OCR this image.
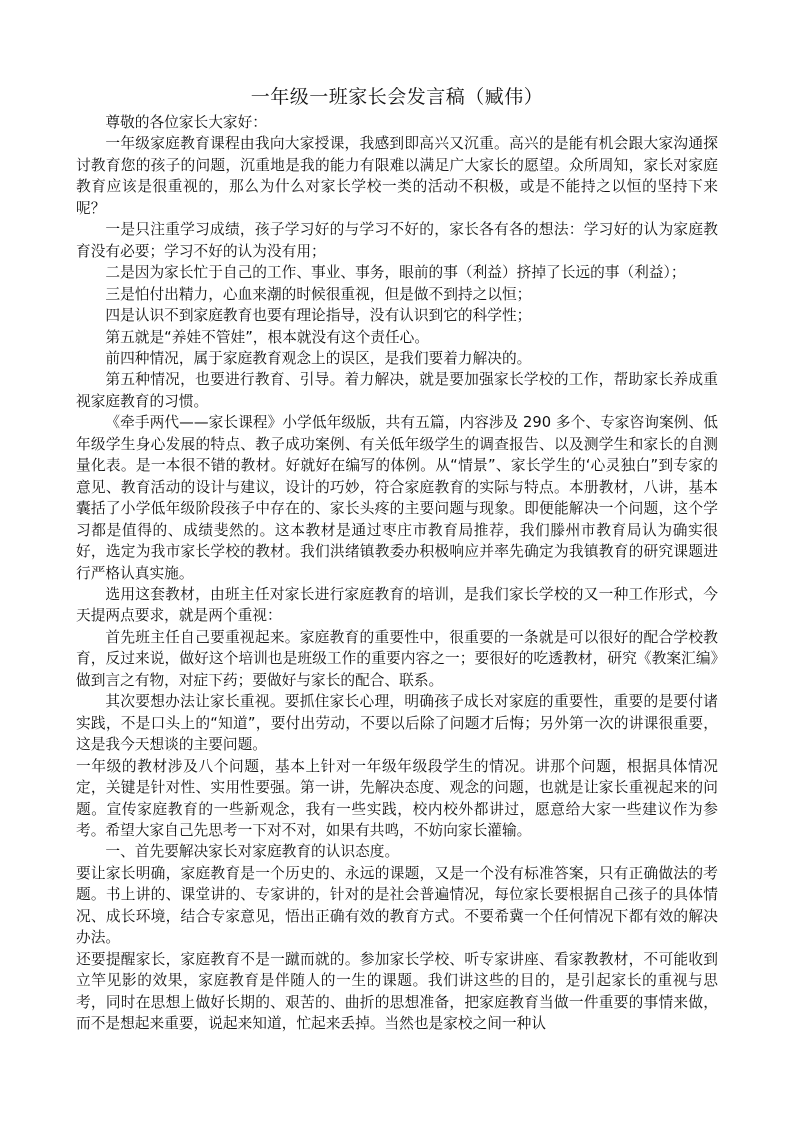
一年级一班家长会发言稿（臧伟）

尊敬的各位家长大家好：

一年级家庭教育课程由我向大家授课，我感到即高兴又沉重。高兴的是能有机会跟大家沟通探讨教育您的孩子的问题，沉重地是我的能力有限难以满足广大家长的愿望。众所周知，家长对家庭教育应该是很重视的，那么为什么对家长学校一类的活动不积极，或是不能持之以恒的坚持下来呢？

一是只注重学习成绩，孩子学习好的与学习不好的，家长各有各的想法：学习好的认为家庭教育没有必要；学习不好的认为没有用；

二是因为家长忙于自己的工作、事业、事务，眼前的事（利益）挤掉了长远的事（利益）；

三是怕付出精力，心血来潮的时候很重视，但是做不到持之以恒；

四是认识不到家庭教育也要有理论指导，没有认识到它的科学性；

第五就是“养娃不管娃”，根本就没有这个责任心。

前四种情况，属于家庭教育观念上的误区，是我们要着力解决的。

第五种情况，也要进行教育、引导。着力解决，就是要加强家长学校的工作，帮助家长养成重视家庭教育的习惯。

《牵手两代——家长课程》小学低年级版，共有五篇，内容涉及 290 多个、专家咨询案例、低年级学生身心发展的特点、教子成功案例、有关低年级学生的调查报告、以及测学生和家长的自测量化表。是一本很不错的教材。好就好在编写的体例。从“情景”、家长学生的‘心灵独白”到专家的意见、教育活动的设计与建议，设计的巧妙，符合家庭教育的实际与特点。本册教材，八讲，基本囊括了小学低年级阶段孩子中存在的、家长头疼的主要问题与现象。即便能解决一个问题，这个学习都是值得的、成绩斐然的。这本教材是通过枣庄市教育局推荐，我们滕州市教育局认为确实很好，选定为我市家长学校的教材。我们洪绪镇教委办积极响应并率先确定为我镇教育的研究课题进行严格认真实施。

选用这套教材，由班主任对家长进行家庭教育的培训，是我们家长学校的又一种工作形式，今天提两点要求，就是两个重视：

首先班主任自己要重视起来。家庭教育的重要性中，很重要的一条就是可以很好的配合学校教育，反过来说，做好这个培训也是班级工作的重要内容之一；要很好的吃透教材，研究《教案汇编》做到言之有物，对症下药；要做好与家长的配合、联系。

其次要想办法让家长重视。要抓住家长心理，明确孩子成长对家庭的重要性，重要的是要付诸实践，不是口头上的“知道”，要付出劳动，不要以后除了问题才后悔；另外第一次的讲课很重要，这是我今天想谈的主要问题。

一年级的教材涉及八个问题，基本上针对一年级年级段学生的情况。讲那个问题，根据具体情况定，关键是针对性、实用性要强。第一讲，先解决态度、观念的问题，也就是让家长重视起来的问题。宣传家庭教育的一些新观念，我有一些实践，校内校外都讲过，愿意给大家一些建议作为参考。希望大家自己先思考一下对不对，如果有共鸣，不妨向家长灌输。

一、首先要解决家长对家庭教育的认识态度。

要让家长明确，家庭教育是一个历史的、永远的课题，又是一个没有标准答案，只有正确做法的考题。书上讲的、课堂讲的、专家讲的，针对的是社会普遍情况，每位家长要根据自己孩子的具体情况、成长环境，结合专家意见，悟出正确有效的教育方式。不要希冀一个任何情况下都有效的解决办法。

还要提醒家长，家庭教育不是一蹴而就的。参加家长学校、听专家讲座、看家教教材，不可能收到立竿见影的效果，家庭教育是伴随人的一生的课题。我们讲这些的目的，是引起家长的重视与思考，同时在思想上做好长期的、艰苦的、曲折的思想准备，把家庭教育当做一件重要的事情来做，而不是想起来重要，说起来知道，忙起来丢掉。当然也是家校之间一种认
